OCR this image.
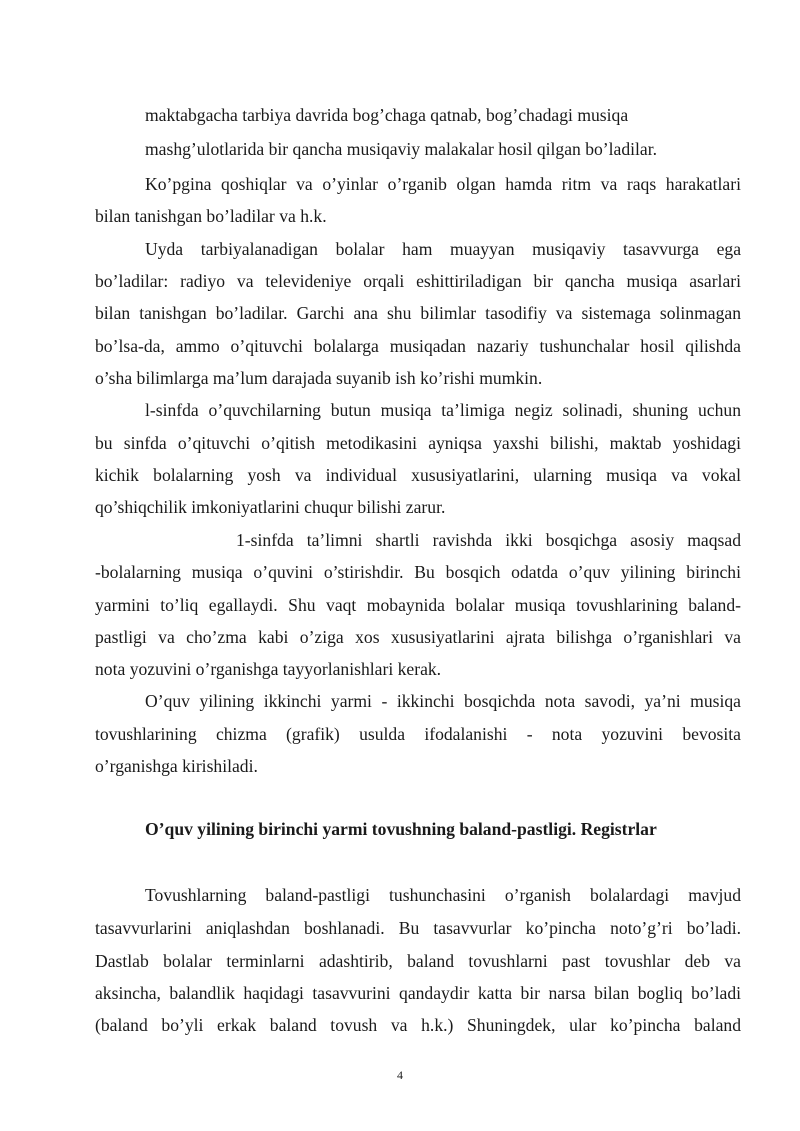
maktabgacha tarbiya davrida bog’chaga qatnab, bog’chadagi musiqa
mashg’ulotlarida bir qancha musiqaviy malakalar hosil qilgan bo’ladilar.
Ko’pgina qoshiqlar va o’yinlar o’rganib olgan hamda ritm va raqs harakatlari
bilan tanishgan bo’ladilar va h.k.
Uyda tarbiyalanadigan bolalar ham muayyan musiqaviy tasavvurga ega
bo’ladilar: radiyo va televideniye orqali eshittiriladigan bir qancha musiqa asarlari
bilan tanishgan bo’ladilar. Garchi ana shu bilimlar tasodifiy va sistemaga solinmagan
bo’lsa-da, ammo o’qituvchi bolalarga musiqadan nazariy tushunchalar hosil qilishda
o’sha bilimlarga ma’lum darajada suyanib ish ko’rishi mumkin.
l-sinfda o’quvchilarning butun musiqa ta’limiga negiz solinadi, shuning uchun
bu sinfda o’qituvchi o’qitish metodikasini ayniqsa yaxshi bilishi, maktab yoshidagi
kichik bolalarning yosh va individual xususiyatlarini, ularning musiqa va vokal
qo’shiqchilik imkoniyatlarini chuqur bilishi zarur.
1-sinfda ta’limni shartli ravishda ikki bosqichga asosiy maqsad
-bolalarning musiqa o’quvini o’stirishdir. Bu bosqich odatda o’quv yilining birinchi
yarmini to’liq egallaydi. Shu vaqt mobaynida bolalar musiqa tovushlarining baland-
pastligi va cho’zma kabi o’ziga xos xususiyatlarini ajrata bilishga o’rganishlari va
nota yozuvini o’rganishga tayyorlanishlari kerak.
O’quv yilining ikkinchi yarmi - ikkinchi bosqichda nota savodi, ya’ni musiqa
tovushlarining chizma (grafik) usulda ifodalanishi - nota yozuvini bevosita
o’rganishga kirishiladi.
O’quv yilining birinchi yarmi tovushning baland-pastligi. Registrlar
Tovushlarning baland-pastligi tushunchasini o’rganish bolalardagi mavjud
tasavvurlarini aniqlashdan boshlanadi. Bu tasavvurlar ko’pincha noto’g’ri bo’ladi.
Dastlab bolalar terminlarni adashtirib, baland tovushlarni past tovushlar deb va
aksincha, balandlik haqidagi tasavvurini qandaydir katta bir narsa bilan bogliq bo’ladi
(baland bo’yli erkak baland tovush va h.k.) Shuningdek, ular ko’pincha baland
4
